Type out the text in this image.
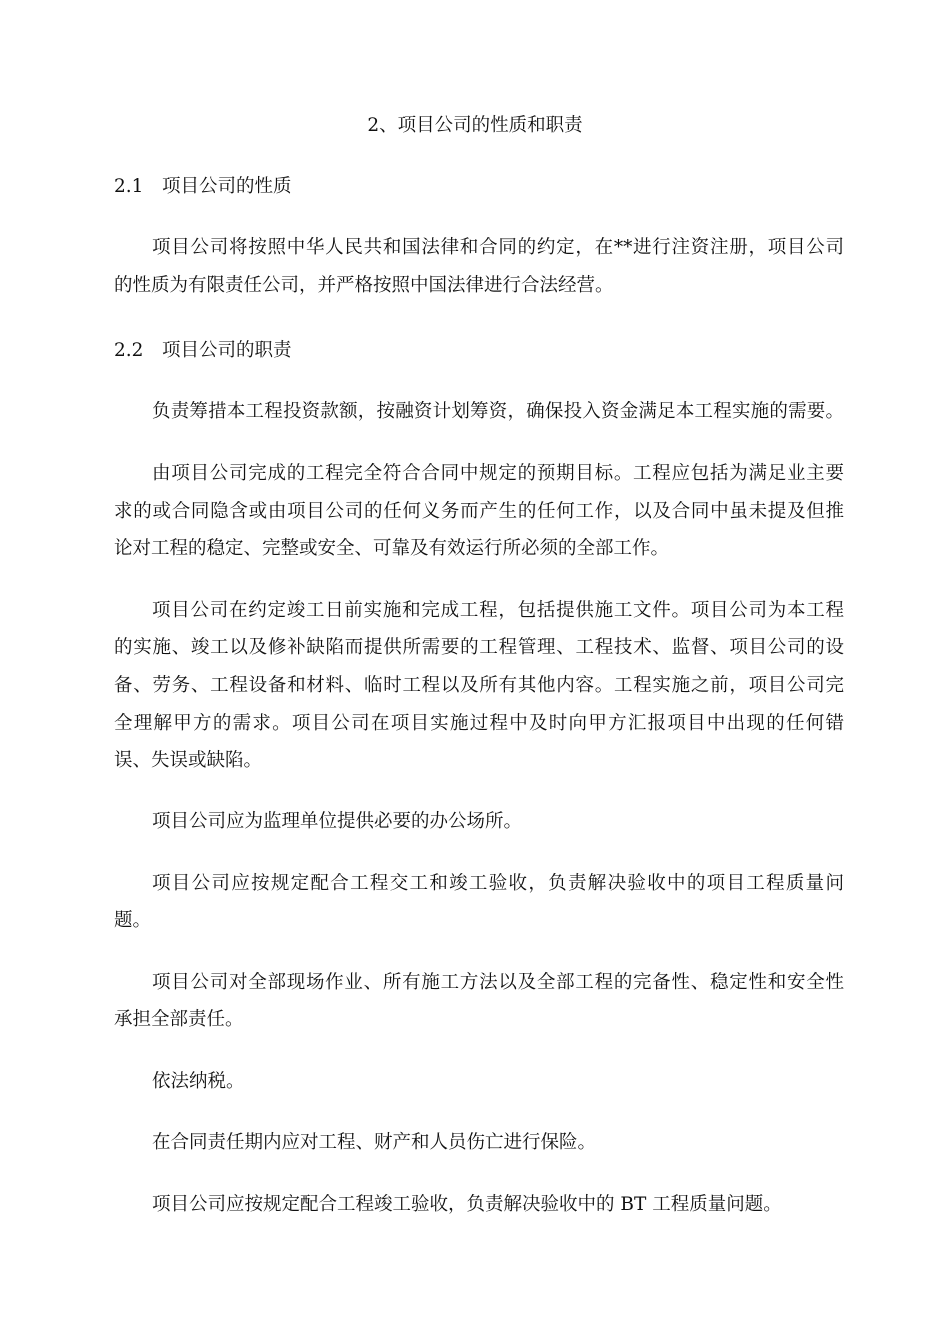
2、项目公司的性质和职责
2.1 项目公司的性质
项目公司将按照中华人民共和国法律和合同的约定，在**进行注资注册，项目公司
的性质为有限责任公司，并严格按照中国法律进行合法经营。
2.2 项目公司的职责
负责筹措本工程投资款额，按融资计划筹资，确保投入资金满足本工程实施的需要。
由项目公司完成的工程完全符合合同中规定的预期目标。工程应包括为满足业主要
求的或合同隐含或由项目公司的任何义务而产生的任何工作，以及合同中虽未提及但推
论对工程的稳定、完整或安全、可靠及有效运行所必须的全部工作。
项目公司在约定竣工日前实施和完成工程，包括提供施工文件。项目公司为本工程
的实施、竣工以及修补缺陷而提供所需要的工程管理、工程技术、监督、项目公司的设
备、劳务、工程设备和材料、临时工程以及所有其他内容。工程实施之前，项目公司完
全理解甲方的需求。项目公司在项目实施过程中及时向甲方汇报项目中出现的任何错
误、失误或缺陷。
项目公司应为监理单位提供必要的办公场所。
项目公司应按规定配合工程交工和竣工验收，负责解决验收中的项目工程质量问
题。
项目公司对全部现场作业、所有施工方法以及全部工程的完备性、稳定性和安全性
承担全部责任。
依法纳税。
在合同责任期内应对工程、财产和人员伤亡进行保险。
项目公司应按规定配合工程竣工验收，负责解决验收中的 BT 工程质量问题。
